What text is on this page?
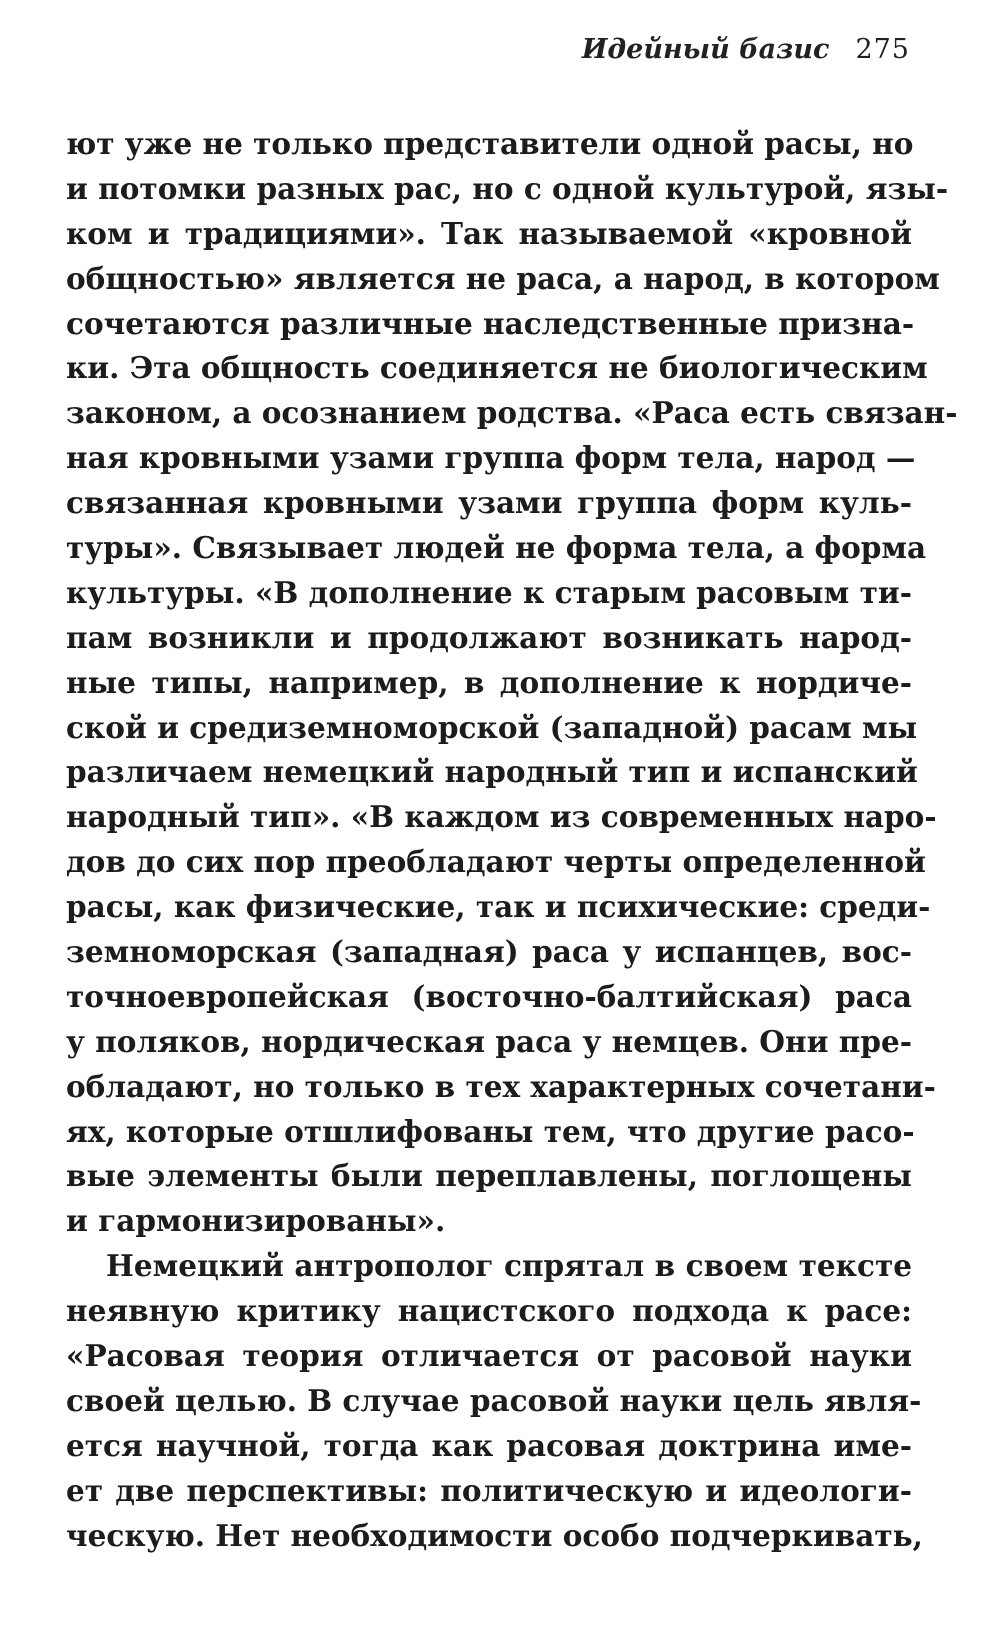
Идейный базис 275
ют уже не только представители одной расы, но
и потомки разных рас, но с одной культурой, язы-
ком и традициями». Так называемой «кровной
общностью» является не раса, а народ, в котором
сочетаются различные наследственные призна-
ки. Эта общность соединяется не биологическим
законом, а осознанием родства. «Раса есть связан-
ная кровными узами группа форм тела, народ —
связанная кровными узами группа форм куль-
туры». Связывает людей не форма тела, а форма
культуры. «В дополнение к старым расовым ти-
пам возникли и продолжают возникать народ-
ные типы, например, в дополнение к нордиче-
ской и средиземноморской (западной) расам мы
различаем немецкий народный тип и испанский
народный тип». «В каждом из современных наро-
дов до сих пор преобладают черты определенной
расы, как физические, так и психические: среди-
земноморская (западная) раса у испанцев, вос-
точноевропейская (восточно-балтийская) раса
у поляков, нордическая раса у немцев. Они пре-
обладают, но только в тех характерных сочетани-
ях, которые отшлифованы тем, что другие расо-
вые элементы были переплавлены, поглощены
и гармонизированы».
Немецкий антрополог спрятал в своем тексте
неявную критику нацистского подхода к расе:
«Расовая теория отличается от расовой науки
своей целью. В случае расовой науки цель явля-
ется научной, тогда как расовая доктрина име-
ет две перспективы: политическую и идеологи-
ческую. Нет необходимости особо подчеркивать,
